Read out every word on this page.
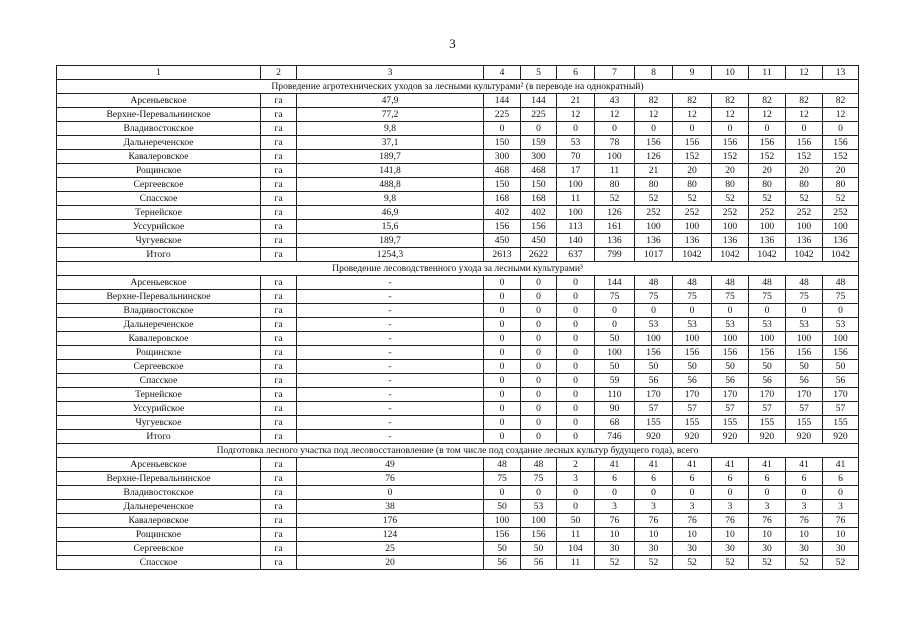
3
1	2	3	4	5	6	7	8	9	10	11	12	13
Проведение агротехнических уходов за лесными культурами² (в переводе на однократный)												
Арсеньевское	га	47,9	144	144	21	43	82	82	82	82	82	82
Верхне-Перевальнинское	га	77,2	225	225	12	12	12	12	12	12	12	12
Владивостокское	га	9,8	0	0	0	0	0	0	0	0	0	0
Дальнереченское	га	37,1	150	159	53	78	156	156	156	156	156	156
Кавалеровское	га	189,7	300	300	70	100	126	152	152	152	152	152
Рощинское	га	141,8	468	468	17	11	21	20	20	20	20	20
Сергеевское	га	488,8	150	150	100	80	80	80	80	80	80	80
Спасское	га	9,8	168	168	11	52	52	52	52	52	52	52
Тернейское	га	46,9	402	402	100	126	252	252	252	252	252	252
Уссурийское	га	15,6	156	156	113	161	100	100	100	100	100	100
Чугуевское	га	189,7	450	450	140	136	136	136	136	136	136	136
Итого	га	1254,3	2613	2622	637	799	1017	1042	1042	1042	1042	1042
Проведение лесоводственного ухода за лесными культурами³												
Арсеньевское	га	-	0	0	0	144	48	48	48	48	48	48
Верхне-Перевальнинское	га	-	0	0	0	75	75	75	75	75	75	75
Владивостокское	га	-	0	0	0	0	0	0	0	0	0	0
Дальнереченское	га	-	0	0	0	0	53	53	53	53	53	53
Кавалеровское	га	-	0	0	0	50	100	100	100	100	100	100
Рощинское	га	-	0	0	0	100	156	156	156	156	156	156
Сергеевское	га	-	0	0	0	50	50	50	50	50	50	50
Спасское	га	-	0	0	0	59	56	56	56	56	56	56
Тернейское	га	-	0	0	0	110	170	170	170	170	170	170
Уссурийское	га	-	0	0	0	90	57	57	57	57	57	57
Чугуевское	га	-	0	0	0	68	155	155	155	155	155	155
Итого	га	-	0	0	0	746	920	920	920	920	920	920
Подготовка лесного участка под лесовосстановление (в том числе под создание лесных культур будущего года), всего												
Арсеньевское	га	49	48	48	2	41	41	41	41	41	41	41
Верхне-Перевальнинское	га	76	75	75	3	6	6	6	6	6	6	6
Владивостокское	га	0	0	0	0	0	0	0	0	0	0	0
Дальнереченское	га	38	50	53	0	3	3	3	3	3	3	3
Кавалеровское	га	176	100	100	50	76	76	76	76	76	76	76
Рощинское	га	124	156	156	11	10	10	10	10	10	10	10
Сергеевское	га	25	50	50	104	30	30	30	30	30	30	30
Спасское	га	20	56	56	11	52	52	52	52	52	52	52
